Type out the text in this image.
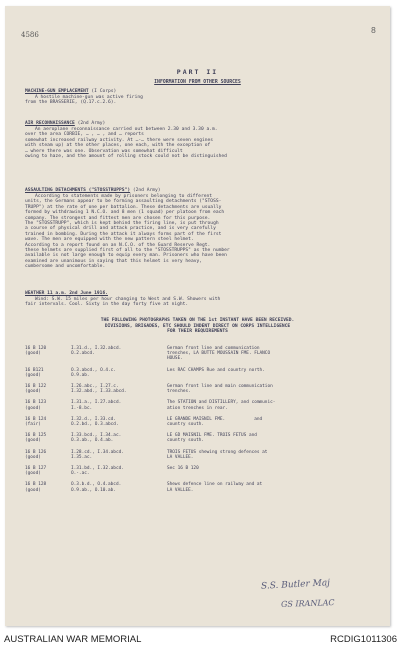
4586	8
PART II
INFORMATION FROM OTHER SOURCES
MACHINE-GUN EMPLACEMENT (I Corps)
A hostile machine-gun was active firing
from the BRASSERIE, (Q.17.c.2.6).
AIR RECONNAISSANCE (2nd Army)
An aeroplane reconnaissance carried out between 2.30 and 3.30 a.m.
over the area CORBIE, … , … , and … reports
somewhat increased railway activity. At …-… there were seven engines
with steam up) at the other places, one each, with the exception of
… where there was one. Observation was somewhat difficult
owing to haze, and the amount of rolling stock could not be distinguished
ASSAULTING DETACHMENTS ("STOSSTRUPPS") (2nd Army)
According to statements made by prisoners belonging to different
units, the Germans appear to be forming assaulting detachments ("STOSS-
TRUPP") at the rate of one per battalion. These detachments are usually
formed by withdrawing 1 N.C.O. and 8 men (1 squad) per platoon from each
company. The strongest and fittest men are chosen for this purpose.
The "STOSSTRUPP", which is kept behind the firing line, is put through
a course of physical drill and attack practice, and is very carefully
trained in bombing. During the attack it always forms part of the first
wave. The men are equipped with the new pattern steel helmet.
According to a report found on an N.C.O. of the Guard Reserve Regt.
these helmets are supplied first of all to the "STOSSTRUPPS" as the number
available is not large enough to equip every man. Prisoners who have been
examined are unanimous in saying that this helmet is very heavy,
cumbersome and uncomfortable.
WEATHER 11 a.m. 2nd June 1916.
Wind: S.W. 15 miles per hour changing to West and S.W. Showers with
fair intervals. Cool. Sixty in the day forty five at night.
THE FOLLOWING PHOTOGRAPHS TAKEN ON THE 1st INSTANT HAVE BEEN RECEIVED.
DIVISIONS, BRIGADES, ETC SHOULD INDENT DIRECT ON CORPS INTELLIGENCE
FOR THEIR REQUIREMENTS
16 B 120
(good)
I.31.d., I.32.abcd.
O.2.abcd.
German front line and communication
trenches, LA BUTTE MOUSSAIN FME. FLANCO
HOUSE.
16 B121
(good)
O.3.abcd., O.4.c.
O.9.ab.
Les RAC CHAMPS Rue and country north.
16 B 122
(good)
I.26.abc., I.27.c.
I.32.abd., I.33.abcd.
German front line and main communication
trenches.
16 B 123
(good)
I.31.a., I.27.abcd.
I.-8.bc.
The STATION and DISTILLERY, and communic-
ation trenches in rear.
16 B 124
(fair)
I.32.d., I.33.cd.
O.2.bd., O.3.abcd.
LE GRANDE MAISNIL FME.           and
country south.
16 B 125
(good)
I.33.bcd., I.34.ac.
O.3.ab., O.4.ab.
LE GD MAISNIL FME. TROIS FETUS and
country south.
16 B 126
(good)
I.28.cd., I.34.abcd.
I.35.ac.
TROIS FETUS shewing strong defences at
LA VALLEE.
16 B 127
(good)
I.31.bd., I.32.abcd.
O.-.ac.
Sec 16 B 120
16 B 128
(good)
O.3.b.d., O.4.abcd.
O.9.ab., O.10.ab.
Shews defence line on railway and at
LA VALLEE.
S.S. Butler Maj
GS IRANLAC
AUSTRALIAN WAR MEMORIAL	RCDIG1011306
